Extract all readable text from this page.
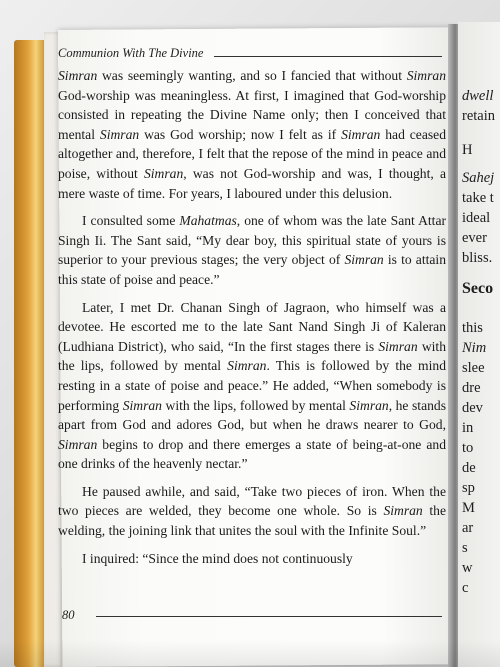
dwell
retain
H
Sahej
take t
ideal
ever
bliss.
Seco
this
Nim
slee
dre
dev
in
to
de
sp
M
ar
s
w
c
Communion With The Divine

Simran was seemingly wanting, and so I fancied that without Simran God-worship was meaningless. At first, I imagined that God-worship consisted in repeating the Divine Name only; then I conceived that mental Simran was God worship; now I felt as if Simran had ceased altogether and, therefore, I felt that the repose of the mind in peace and poise, without Simran, was not God-worship and was, I thought, a mere waste of time. For years, I laboured under this delusion.

I consulted some Mahatmas, one of whom was the late Sant Attar Singh Ii. The Sant said, “My dear boy, this spiritual state of yours is superior to your previous stages; the very object of Simran is to attain this state of poise and peace.”

Later, I met Dr. Chanan Singh of Jagraon, who himself was a devotee. He escorted me to the late Sant Nand Singh Ji of Kaleran (Ludhiana District), who said, “In the first stages there is Simran with the lips, followed by mental Simran. This is followed by the mind resting in a state of poise and peace.” He added, “When somebody is performing Simran with the lips, followed by mental Simran, he stands apart from God and adores God, but when he draws nearer to God, Simran begins to drop and there emerges a state of being-at-one and one drinks of the heavenly nectar.”

He paused awhile, and said, “Take two pieces of iron. When the two pieces are welded, they become one whole. So is Simran the welding, the joining link that unites the soul with the Infinite Soul.”

I inquired: “Since the mind does not continuously

80
